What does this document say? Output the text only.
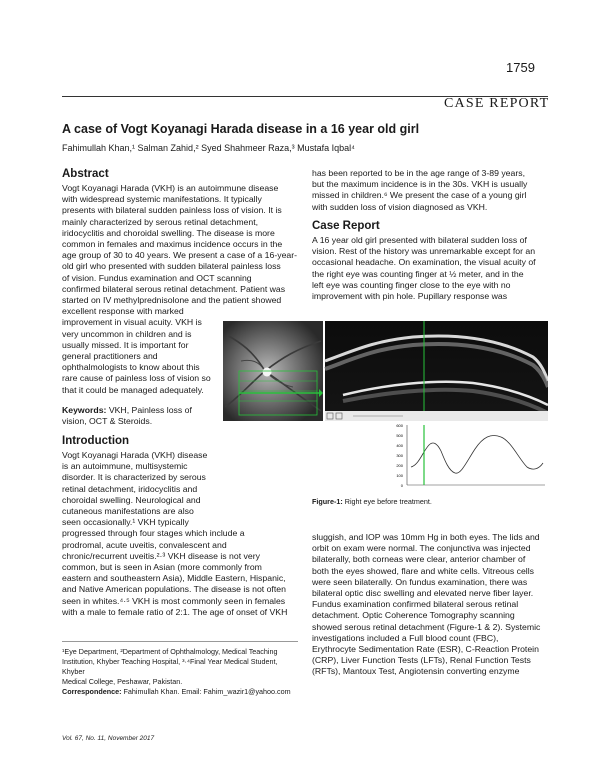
1759
CASE REPORT
A case of Vogt Koyanagi Harada disease in a 16 year old girl
Fahimullah Khan,¹ Salman Zahid,² Syed Shahmeer Raza,³ Mustafa Iqbal⁴
Abstract
Vogt Koyanagi Harada (VKH) is an autoimmune disease
with widespread systemic manifestations. It typically
presents with bilateral sudden painless loss of vision. It is
mainly characterized by serous retinal detachment,
iridocyclitis and choroidal swelling. The disease is more
common in females and maximus incidence occurs in the
age group of 30 to 40 years. We present a case of a 16-year-
old girl who presented with sudden bilateral painless loss
of vision. Fundus examination and OCT scanning
confirmed bilateral serous retinal detachment. Patient was
started on IV methylprednisolone and the patient showed
excellent response with marked
improvement in visual acuity. VKH is
very uncommon in children and is
usually missed. It is important for
general practitioners and
ophthalmologists to know about this
rare cause of painless loss of vision so
that it could be managed adequately.
Keywords: VKH, Painless loss of
vision, OCT & Steroids.
Introduction
Vogt Koyanagi Harada (VKH) disease
is an autoimmune, multisystemic
disorder. It is characterized by serous
retinal detachment, iridocyclitis and
choroidal swelling. Neurological and
cutaneous manifestations are also
seen occasionally.¹ VKH typically
progressed through four stages which include a
prodromal, acute uveitis, convalescent and
chronic/recurrent uveitis.²·³ VKH disease is not very
common, but is seen in Asian (more commonly from
eastern and southeastern Asia), Middle Eastern, Hispanic,
and Native American populations. The disease is not often
seen in whites.⁴·⁵ VKH is most commonly seen in females
with a male to female ratio of 2:1. The age of onset of VKH
has been reported to be in the age range of 3-89 years,
but the maximum incidence is in the 30s. VKH is usually
missed in children.⁶ We present the case of a young girl
with sudden loss of vision diagnosed as VKH.
Case Report
A 16 year old girl presented with bilateral sudden loss of
vision. Rest of the history was unremarkable except for an
occasional headache. On examination, the visual acuity of
the right eye was counting finger at ½ meter, and in the
left eye was counting finger close to the eye with no
improvement with pin hole. Pupillary response was
600
500
400
300
200
100
0
Figure-1: Right eye before treatment.
sluggish, and IOP was 10mm Hg in both eyes. The lids and
orbit on exam were normal. The conjunctiva was injected
bilaterally, both corneas were clear, anterior chamber of
both the eyes showed, flare and white cells. Vitreous cells
were seen bilaterally. On fundus examination, there was
bilateral optic disc swelling and elevated nerve fiber layer.
Fundus examination confirmed bilateral serous retinal
detachment. Optic Coherence Tomography scanning
showed serous retinal detachment (Figure-1 & 2). Systemic
investigations included a Full blood count (FBC),
Erythrocyte Sedimentation Rate (ESR), C-Reaction Protein
(CRP), Liver Function Tests (LFTs), Renal Function Tests
(RFTs), Mantoux Test, Angiotensin converting enzyme
¹Eye Department, ²Department of Ophthalmology, Medical Teaching
Institution, Khyber Teaching Hospital, ³·⁴Final Year Medical Student, Khyber
Medical College, Peshawar, Pakistan.
Correspondence: Fahimullah Khan. Email: Fahim_wazir1@yahoo.com
Vol. 67, No. 11, November 2017
